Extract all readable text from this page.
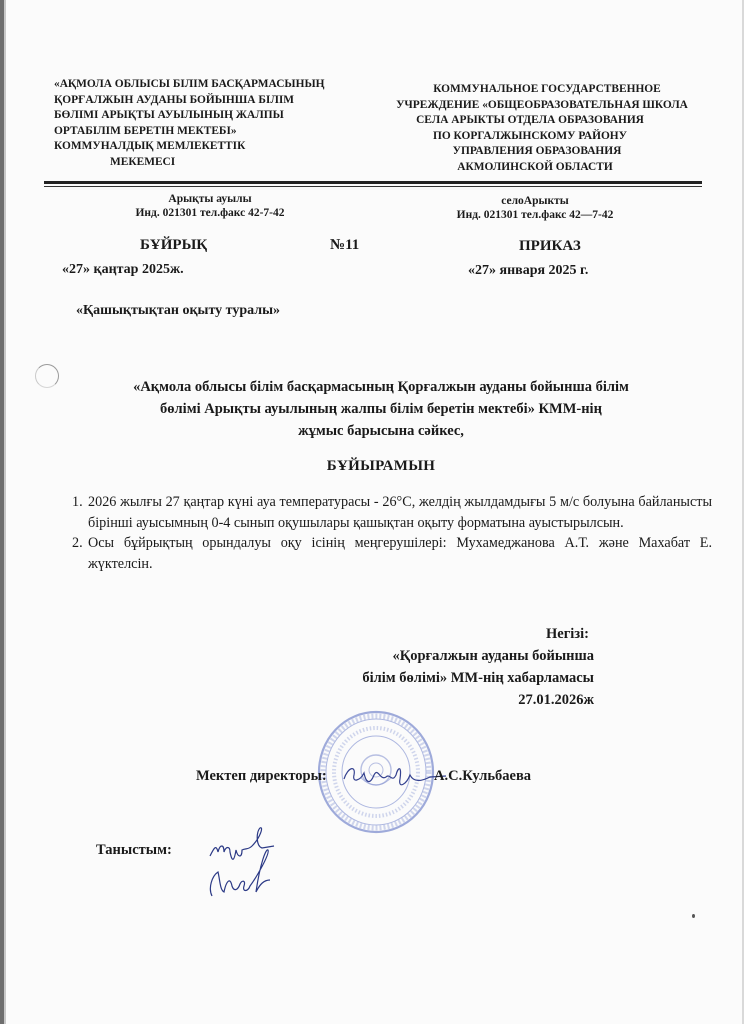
«АҚМОЛА ОБЛЫСЫ БІЛІМ БАСҚАРМАСЫНЫҢ
ҚОРҒАЛЖЫН АУДАНЫ БОЙЫНША БІЛІМ
БӨЛІМІ АРЫҚТЫ АУЫЛЫНЫҢ ЖАЛПЫ
ОРТАБІЛІМ БЕРЕТІН МЕКТЕБІ»
КОММУНАЛДЫҚ МЕМЛЕКЕТТІК
МЕКЕМЕСІ
КОММУНАЛЬНОЕ ГОСУДАРСТВЕННОЕ
УЧРЕЖДЕНИЕ «ОБЩЕОБРАЗОВАТЕЛЬНАЯ ШКОЛА
СЕЛА АРЫКТЫ ОТДЕЛА ОБРАЗОВАНИЯ
ПО КОРГАЛЖЫНСКОМУ РАЙОНУ
УПРАВЛЕНИЯ ОБРАЗОВАНИЯ
АКМОЛИНСКОЙ ОБЛАСТИ
Арықты ауылы
Инд. 021301 тел.факс 42-7-42
селоАрыкты
Инд. 021301 тел.факс 42—7-42
БҰЙРЫҚ	№11	ПРИКАЗ
«27» қаңтар 2025ж.	«27» января 2025 г.
«Қашықтықтан оқыту туралы»
«Ақмола облысы білім басқармасының Қорғалжын ауданы бойынша білім
бөлімі Арықты ауылының жалпы білім беретін мектебі» КММ-нің
жұмыс барысына сәйкес,
БҰЙЫРАМЫН
1. 2026 жылғы 27 қаңтар күні ауа температурасы - 26°С, желдің жылдамдығы 5 м/с болуына байланысты бірінші ауысымның 0-4 сынып оқушылары қашықтан оқыту форматына ауыстырылсын.
2. Осы бұйрықтың орындалуы оқу ісінің меңгерушілері: Мухамеджанова А.Т. және Махабат Е. жүктелсін.
Негізі:
«Қорғалжын ауданы бойынша
білім бөлімі» ММ-нің хабарламасы
27.01.2026ж
Мектеп директоры:	А.С.Кульбаева
Таныстым:
